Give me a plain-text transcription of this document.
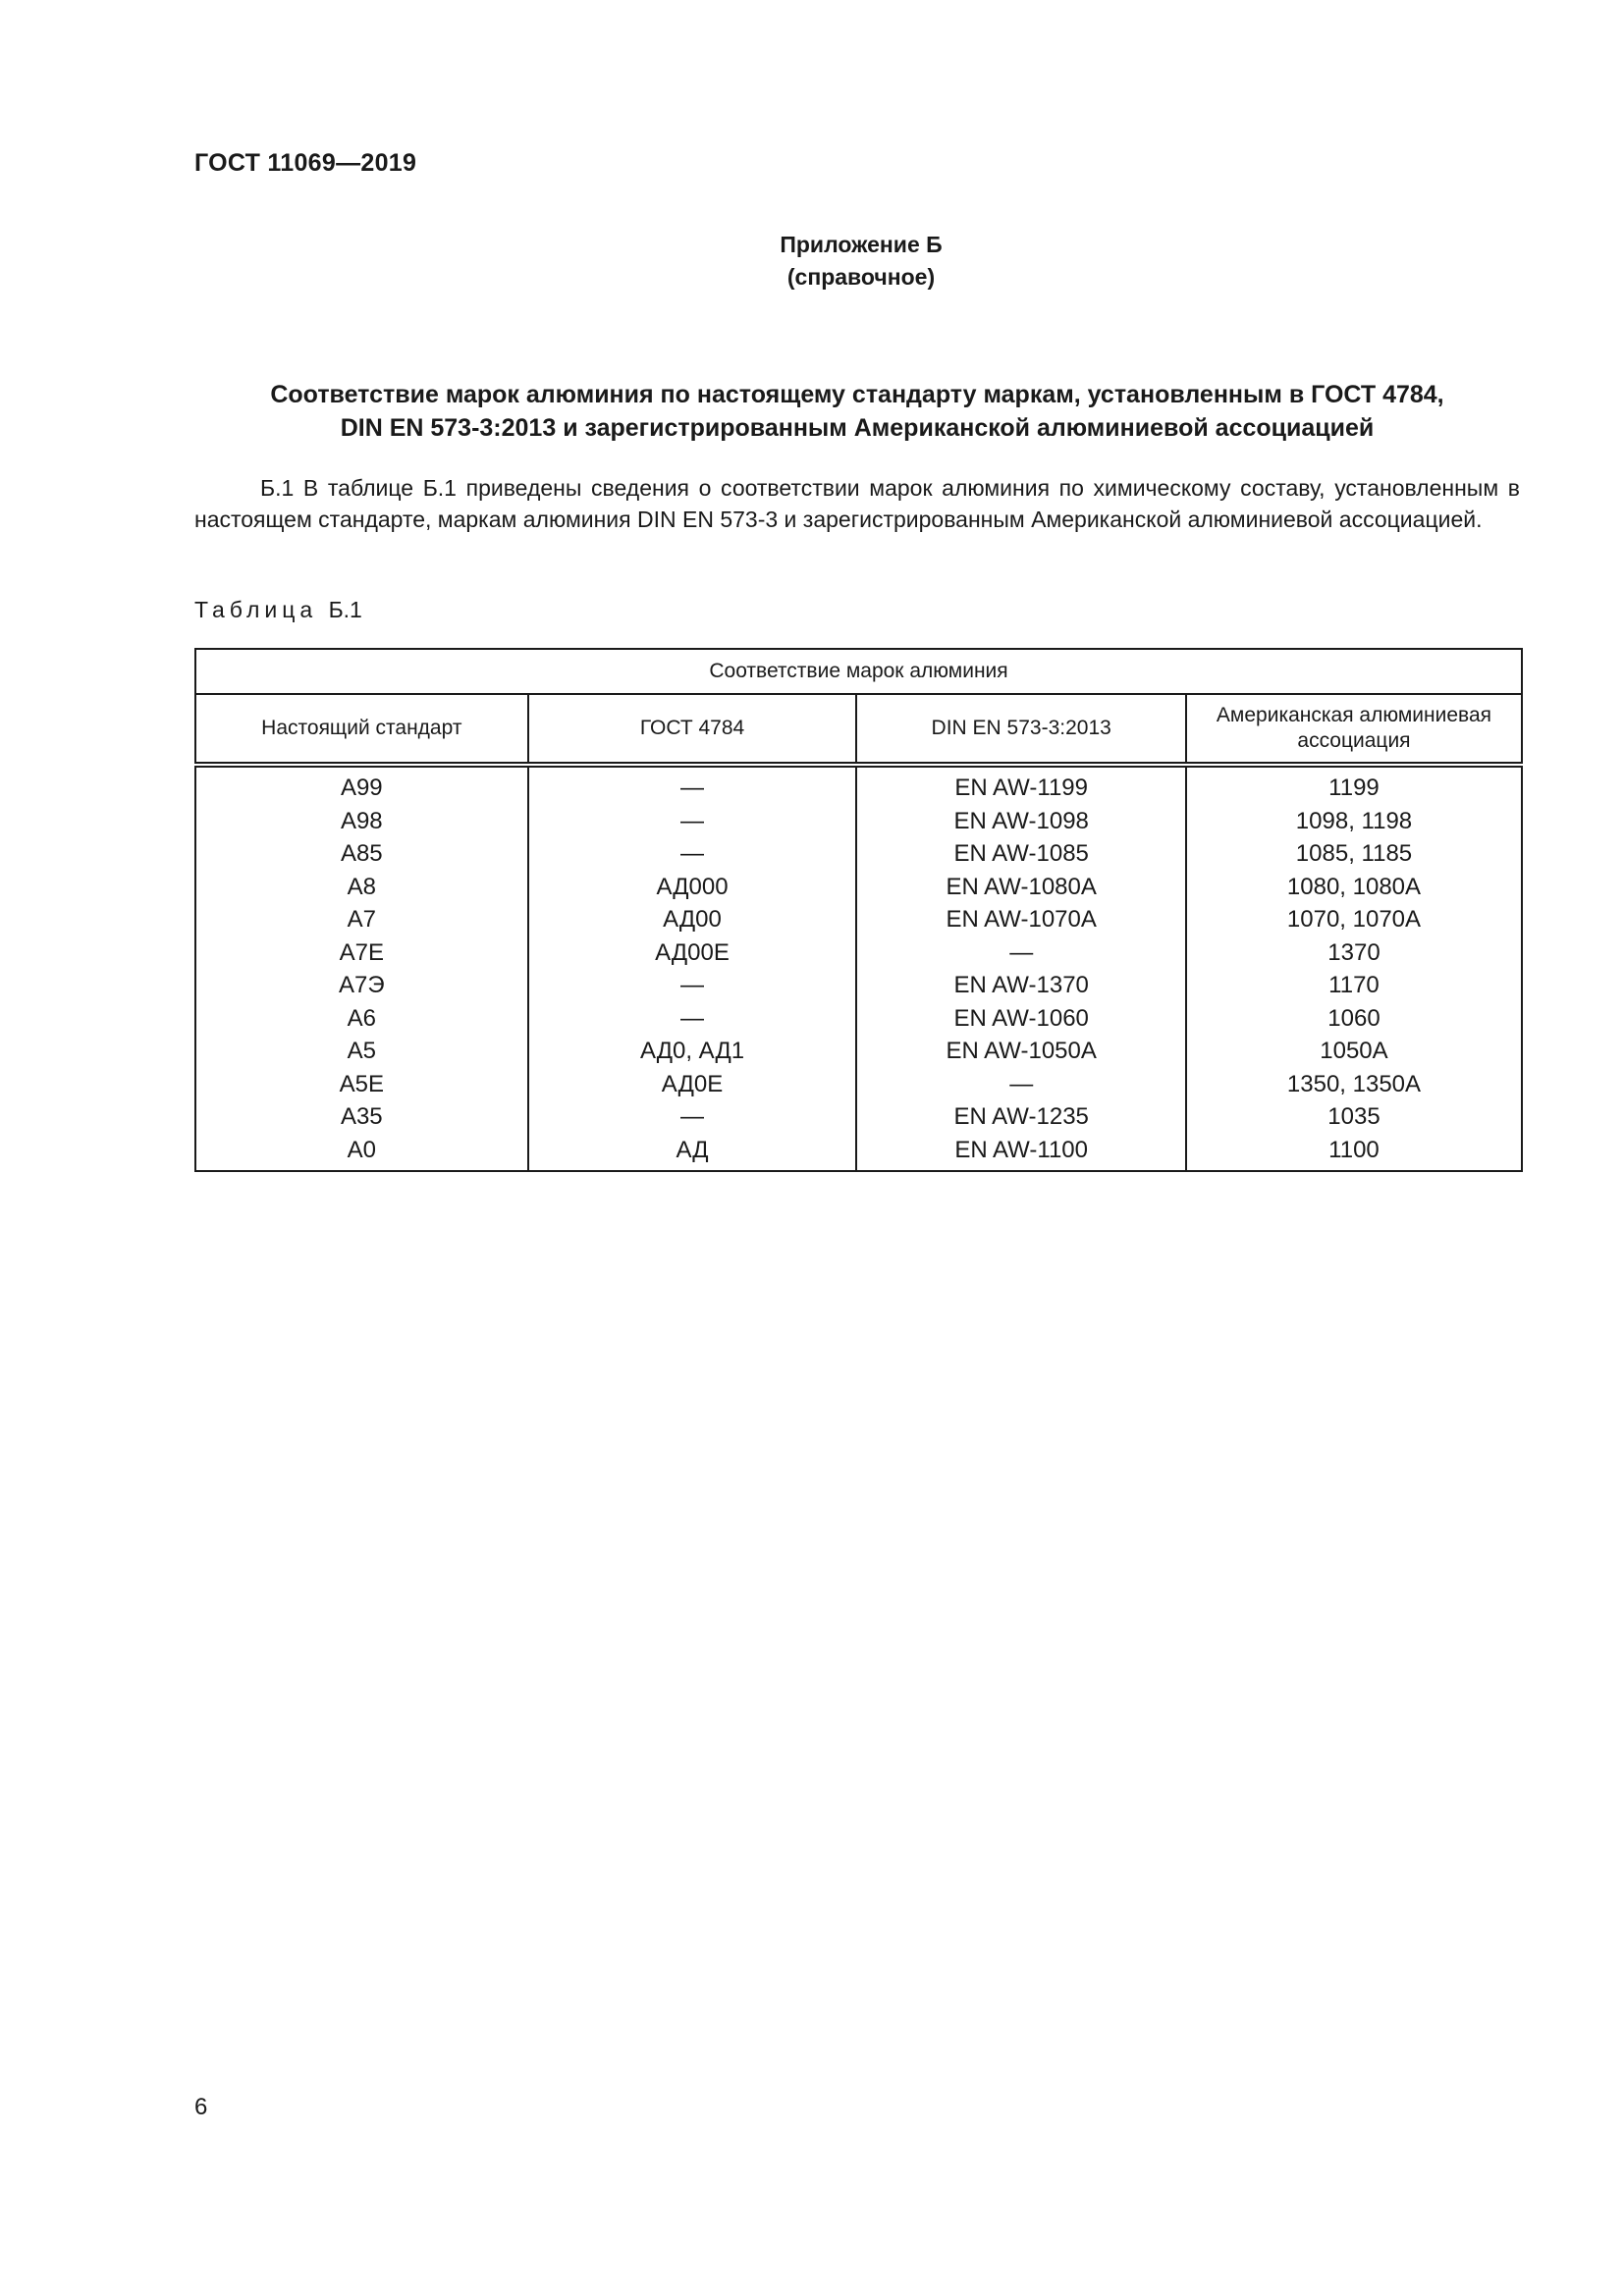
ГОСТ 11069—2019
Приложение Б
(справочное)
Соответствие марок алюминия по настоящему стандарту маркам, установленным в ГОСТ 4784,
DIN EN 573-3:2013 и зарегистрированным Американской алюминиевой ассоциацией
Б.1 В таблице Б.1 приведены сведения о соответствии марок алюминия по химическому составу, установленным в настоящем стандарте, маркам алюминия DIN EN 573-3 и зарегистрированным Американской алюминиевой ассоциацией.
Таблица Б.1
Соответствие марок алюминия			
Настоящий стандарт	ГОСТ 4784	DIN EN 573-3:2013	Американская алюминиевая ассоциация
А99	—	EN AW-1199	1199
А98	—	EN AW-1098	1098, 1198
А85	—	EN AW-1085	1085, 1185
А8	АД000	EN AW-1080A	1080, 1080A
А7	АД00	EN AW-1070A	1070, 1070A
А7Е	АД00Е	—	1370
А7Э	—	EN AW-1370	1170
А6	—	EN AW-1060	1060
А5	АД0, АД1	EN AW-1050A	1050A
А5Е	АД0Е	—	1350, 1350A
А35	—	EN AW-1235	1035
А0	АД	EN AW-1100	1100
6
